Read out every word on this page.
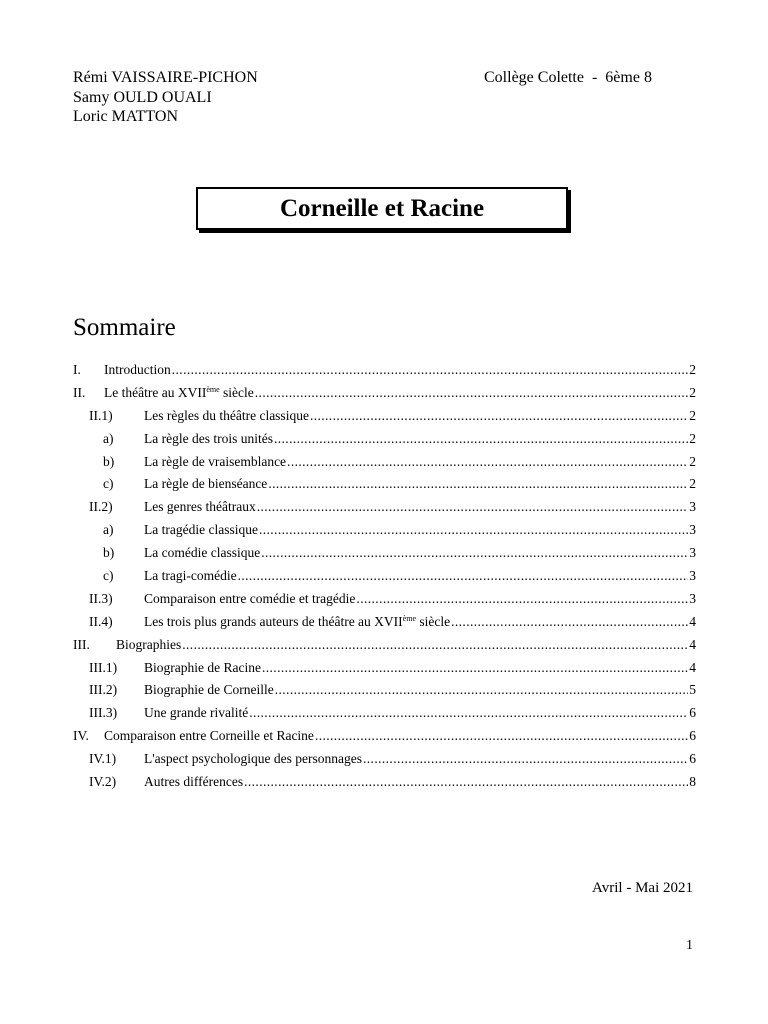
Rémi VAISSAIRE-PICHON
Samy OULD OUALI
Loric MATTON
Collège Colette  -  6ème 8
Corneille et Racine
Sommaire
I.	Introduction .....	2
II.	Le théâtre au XVIIème siècle .....	2
II.1)	Les règles du théâtre classique .....	2
a)	La règle des trois unités .....	2
b)	La règle de vraisemblance .....	2
c)	La règle de bienséance .....	2
II.2)	Les genres théâtraux .....	3
a)	La tragédie classique .....	3
b)	La comédie classique .....	3
c)	La tragi-comédie .....	3
II.3)	Comparaison entre comédie et tragédie .....	3
II.4)	Les trois plus grands auteurs de théâtre au XVIIème siècle .....	4
III.	Biographies .....	4
III.1)	Biographie de Racine .....	4
III.2)	Biographie de Corneille .....	5
III.3)	Une grande rivalité .....	6
IV.	Comparaison entre Corneille et Racine .....	6
IV.1)	L'aspect psychologique des personnages .....	6
IV.2)	Autres différences .....	8
Avril - Mai 2021
1
